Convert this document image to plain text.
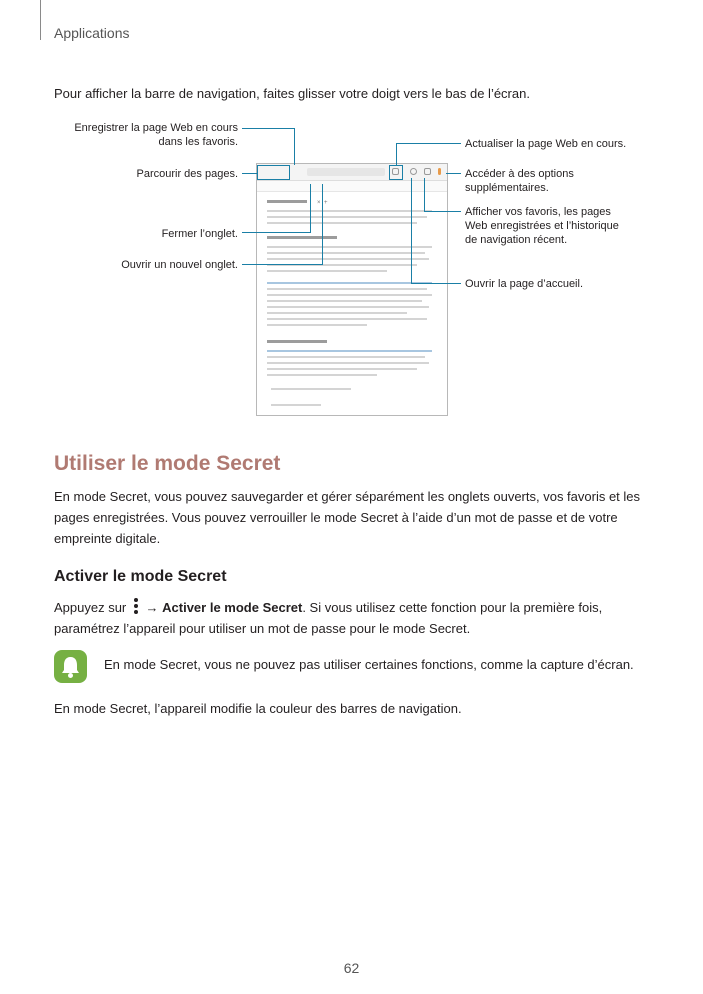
Applications
Pour afficher la barre de navigation, faites glisser votre doigt vers le bas de l’écran.
× +
Enregistrer la page Web en cours
dans les favoris.
Parcourir des pages.
Fermer l’onglet.
Ouvrir un nouvel onglet.
Actualiser la page Web en cours.
Accéder à des options
supplémentaires.
Afficher vos favoris, les pages
Web enregistrées et l’historique
de navigation récent.
Ouvrir la page d’accueil.
Utiliser le mode Secret
En mode Secret, vous pouvez sauvegarder et gérer séparément les onglets ouverts, vos favoris et les pages enregistrées. Vous pouvez verrouiller le mode Secret à l’aide d’un mot de passe et de votre empreinte digitale.
Activer le mode Secret
Appuyez sur → Activer le mode Secret. Si vous utilisez cette fonction pour la première fois, paramétrez l’appareil pour utiliser un mot de passe pour le mode Secret.
En mode Secret, vous ne pouvez pas utiliser certaines fonctions, comme la capture d’écran.
En mode Secret, l’appareil modifie la couleur des barres de navigation.
62
